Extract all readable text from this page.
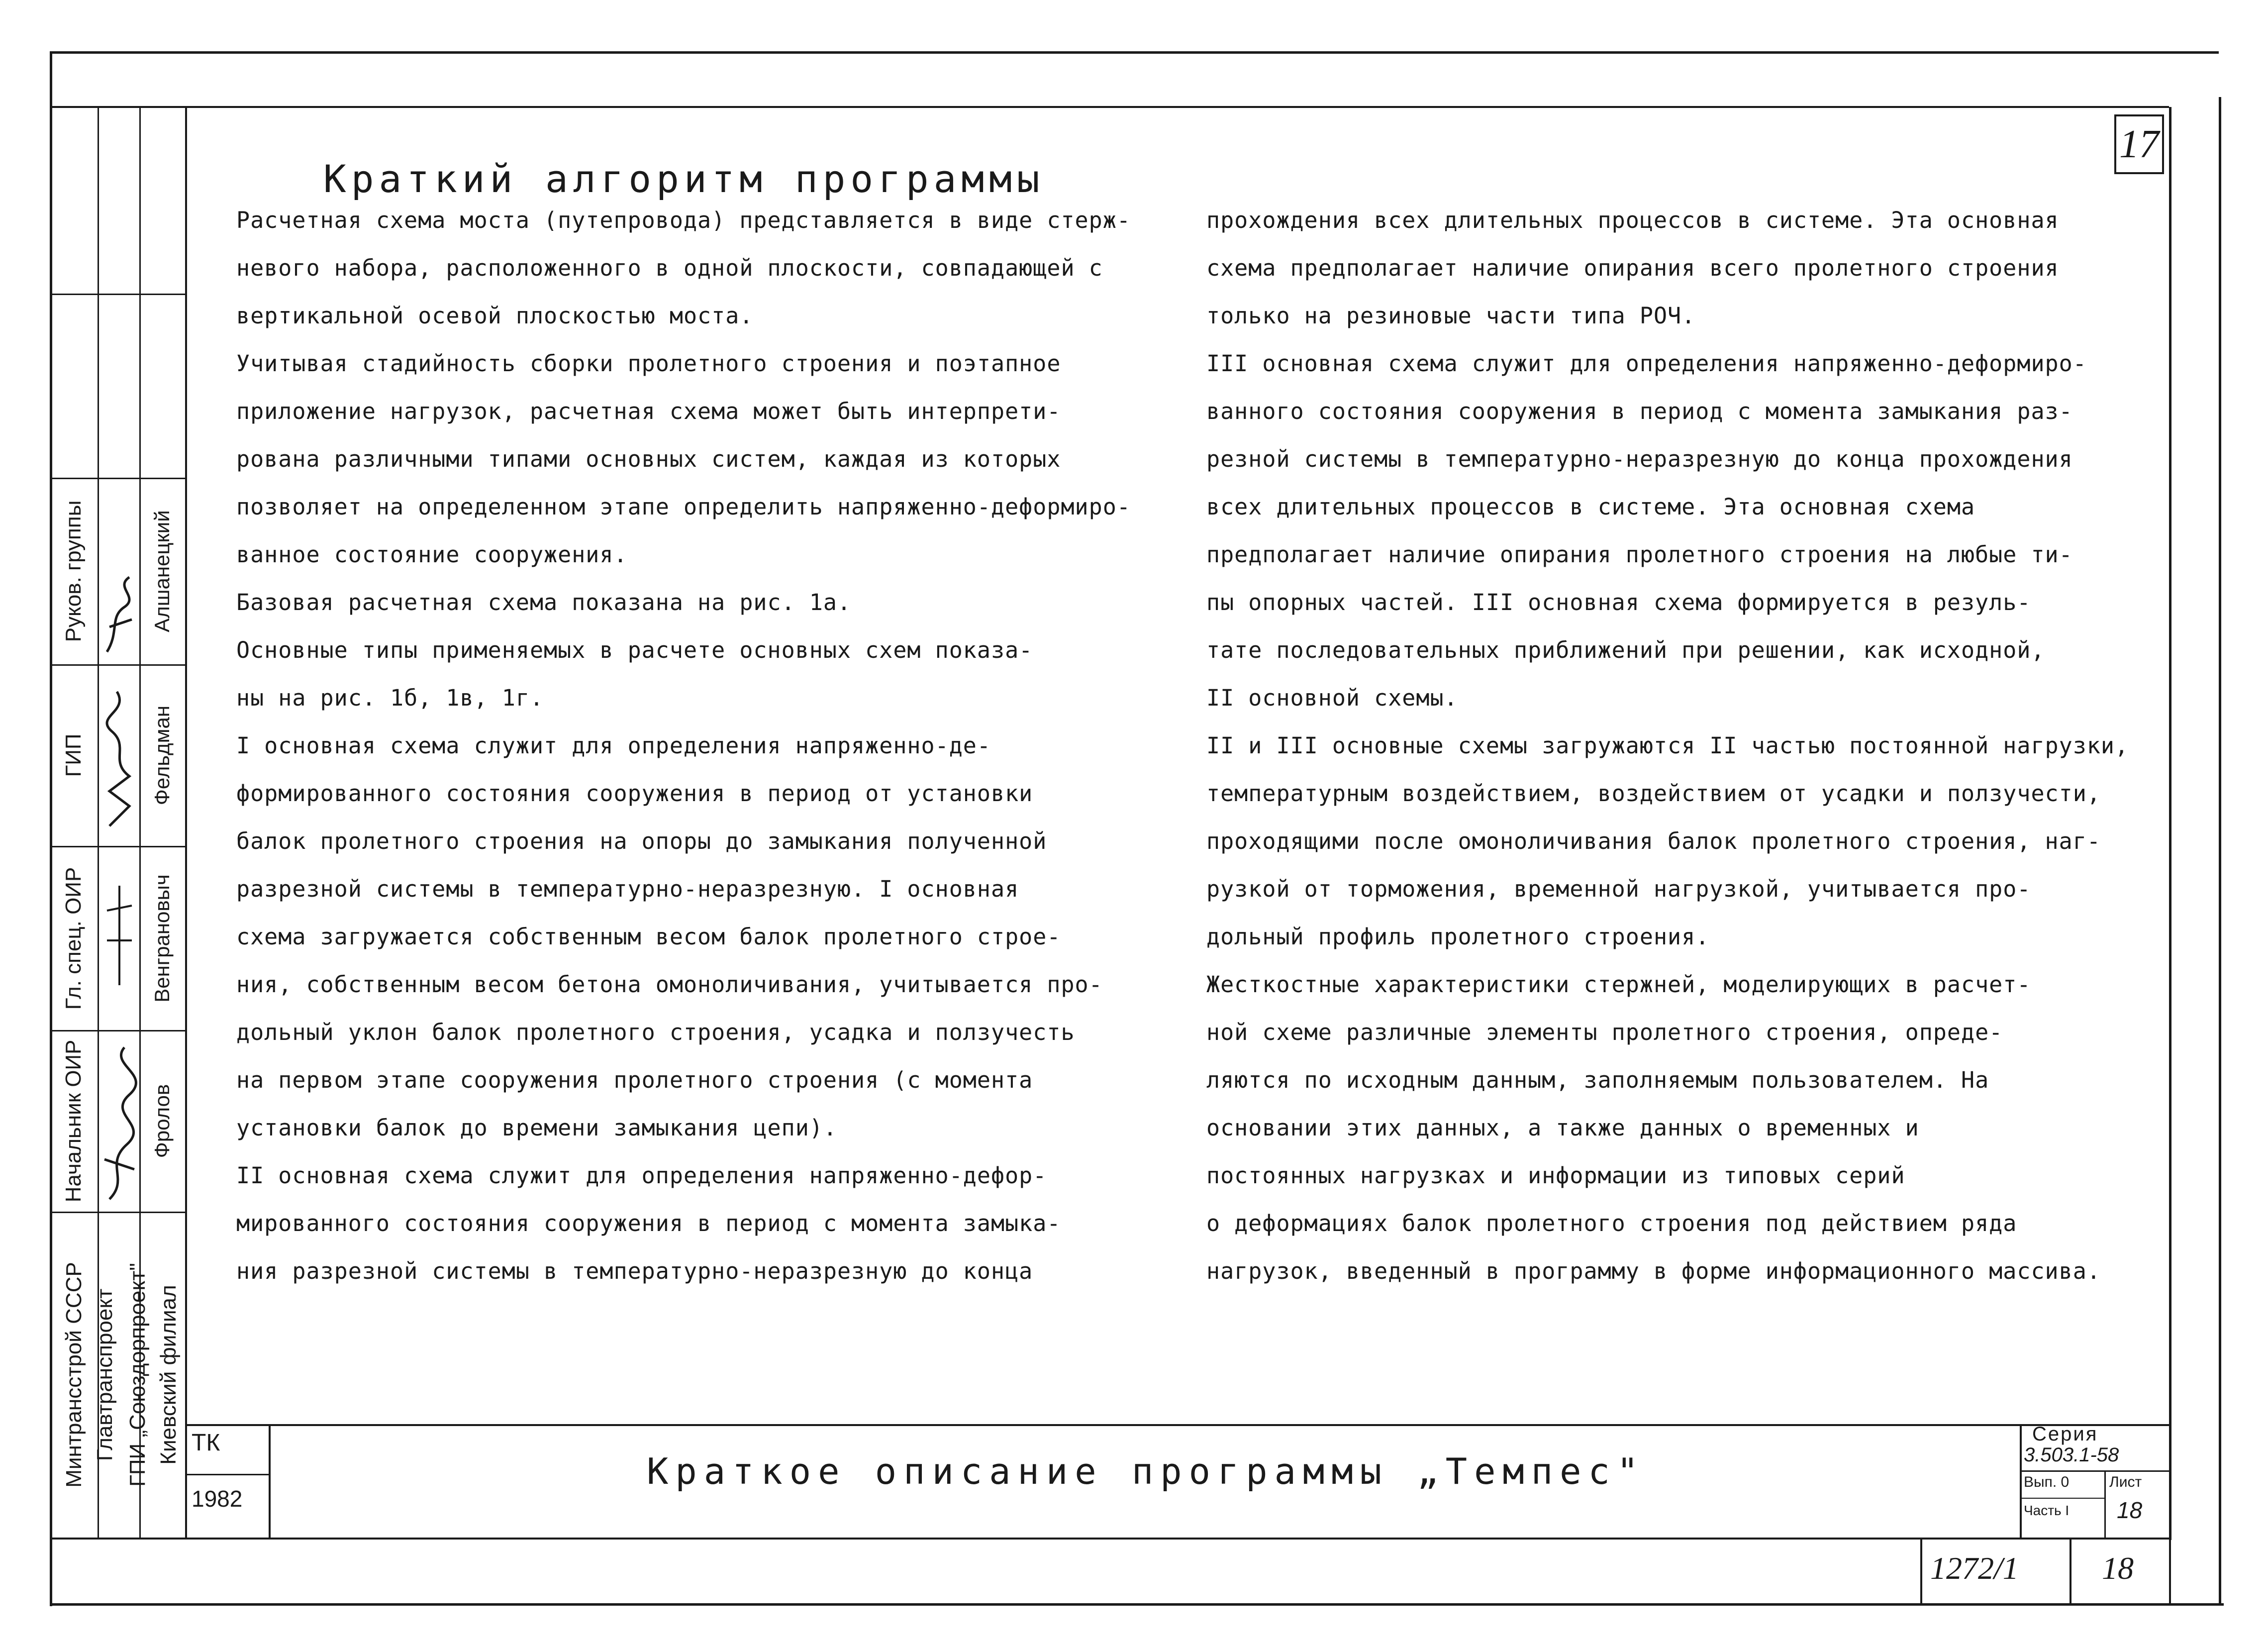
17
Краткий алгоритм программы

Расчетная схема моста (путепровода) представляется в виде стерж-

невого набора, расположенного в одной плоскости, совпадающей с

вертикальной осевой плоскостью моста.

Учитывая стадийность сборки пролетного строения и поэтапное

приложение нагрузок, расчетная схема может быть интерпрети-

рована различными типами основных систем, каждая из которых

позволяет на определенном этапе определить напряженно-деформиро-

ванное состояние сооружения.

Базовая расчетная схема показана на рис. 1а.

Основные типы применяемых в расчете основных схем показа-

ны на рис. 1б, 1в, 1г.

I основная схема служит для определения напряженно-де-

формированного состояния сооружения в период от установки

балок пролетного строения на опоры до замыкания полученной

разрезной системы в температурно-неразрезную. I основная

схема загружается собственным весом балок пролетного строе-

ния, собственным весом бетона омоноличивания, учитывается про-

дольный уклон балок пролетного строения, усадка и ползучесть

на первом этапе сооружения пролетного строения (с момента

установки балок до времени замыкания цепи).

II основная схема служит для определения напряженно-дефор-

мированного состояния сооружения в период с момента замыка-

ния разрезной системы в температурно-неразрезную до конца

прохождения всех длительных процессов в системе. Эта основная

схема предполагает наличие опирания всего пролетного строения

только на резиновые части типа РОЧ.

III основная схема служит для определения напряженно-деформиро-

ванного состояния сооружения в период с момента замыкания раз-

резной системы в температурно-неразрезную до конца прохождения

всех длительных процессов в системе. Эта основная схема

предполагает наличие опирания пролетного строения на любые ти-

пы опорных частей. III основная схема формируется в резуль-

тате последовательных приближений при решении, как исходной,

II основной схемы.

II и III основные схемы загружаются II частью постоянной нагрузки,

температурным воздействием, воздействием от усадки и ползучести,

проходящими после омоноличивания балок пролетного строения, наг-

рузкой от торможения, временной нагрузкой, учитывается про-

дольный профиль пролетного строения.

Жесткостные характеристики стержней, моделирующих в расчет-

ной схеме различные элементы пролетного строения, опреде-

ляются по исходным данным, заполняемым пользователем. На

основании этих данных, а также данных о временных и

постоянных нагрузках и информации из типовых серий

о деформациях балок пролетного строения под действием ряда

нагрузок, введенный в программу в форме информационного массива.

Руков. группы
ГИП
Гл. спец. ОИР
Начальник ОИР
Алшанецкий
Фельдман
Венграновыч
Фролов
Минтрансстрой СССР Главтранспроект ГПИ „Союздорпроект" Киевский филиал ТК
1982
Краткое описание программы „Темпес"
Серия
3.503.1-58
Вып. 0
Часть I
Лист
18
1272/1	18
